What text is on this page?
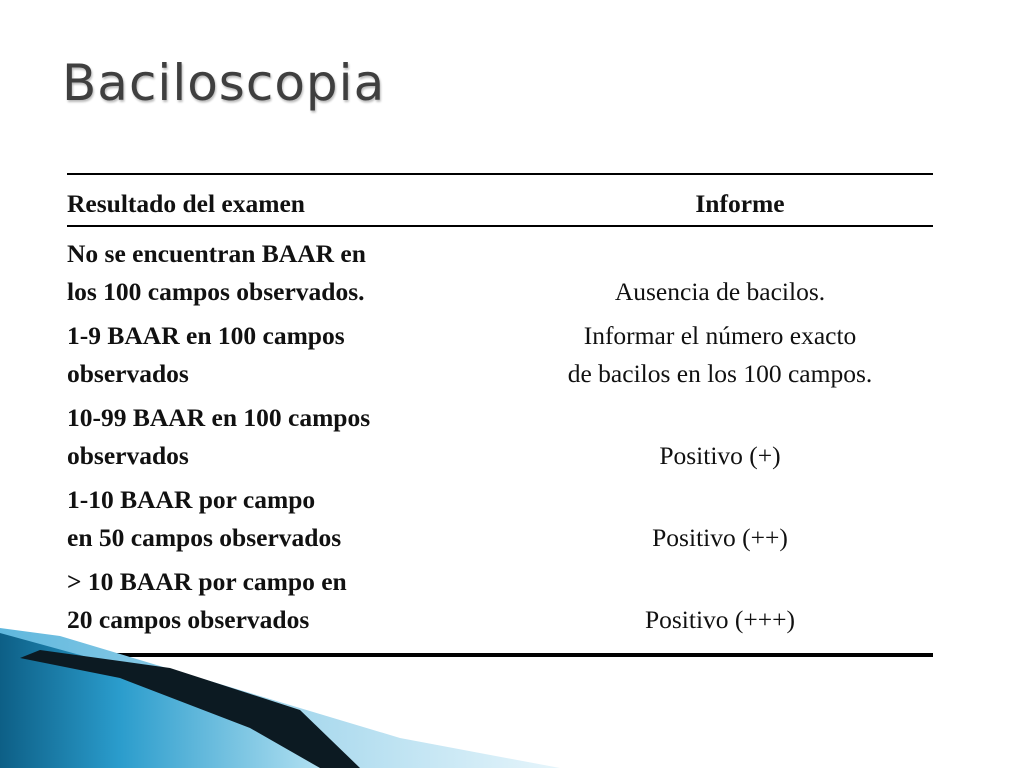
Baciloscopia
Resultado del examen	Informe
No se encuentran BAAR en
los 100 campos observados.	Ausencia de bacilos.
1-9 BAAR en 100 campos
observados	Informar el número exacto
de bacilos en los 100 campos.
10-99 BAAR en 100 campos
observados	Positivo (+)
1-10 BAAR por campo
en 50 campos observados	Positivo (++)
> 10 BAAR por campo en
20 campos observados	Positivo (+++)
